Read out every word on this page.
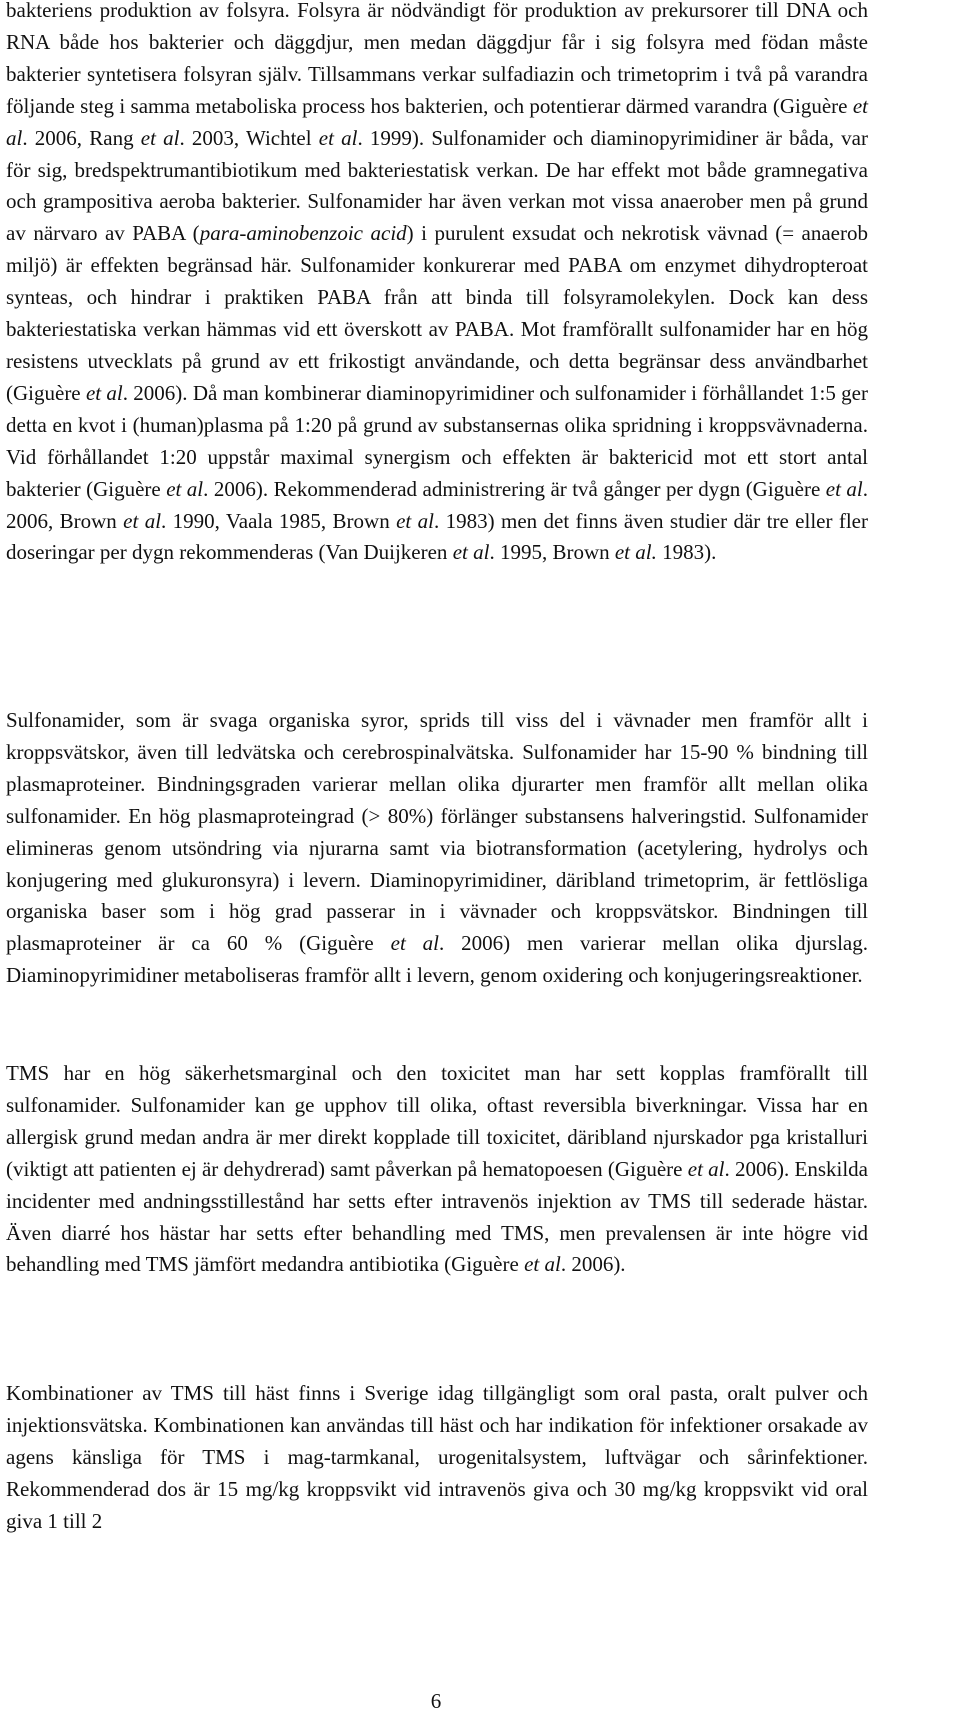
bakteriens produktion av folsyra. Folsyra är nödvändigt för produktion av prekursorer till DNA och RNA både hos bakterier och däggdjur, men medan däggdjur får i sig folsyra med födan måste bakterier syntetisera folsyran själv. Tillsammans verkar sulfadiazin och trimetoprim i två på varandra följande steg i samma metaboliska process hos bakterien, och potentierar därmed varandra (Giguère et al. 2006, Rang et al. 2003, Wichtel et al. 1999). Sulfonamider och diaminopyrimidiner är båda, var för sig, bredspektrumantibiotikum med bakteriestatisk verkan. De har effekt mot både gramnegativa och grampositiva aeroba bakterier. Sulfonamider har även verkan mot vissa anaerober men på grund av närvaro av PABA (para-aminobenzoic acid) i purulent exsudat och nekrotisk vävnad (= anaerob miljö) är effekten begränsad här. Sulfonamider konkurerar med PABA om enzymet dihydropteroat synteas, och hindrar i praktiken PABA från att binda till folsyramolekylen. Dock kan dess bakteriestatiska verkan hämmas vid ett överskott av PABA. Mot framförallt sulfonamider har en hög resistens utvecklats på grund av ett frikostigt användande, och detta begränsar dess användbarhet (Giguère et al. 2006). Då man kombinerar diaminopyrimidiner och sulfonamider i förhållandet 1:5 ger detta en kvot i (human)plasma på 1:20 på grund av substansernas olika spridning i kroppsvävnaderna. Vid förhållandet 1:20 uppstår maximal synergism och effekten är baktericid mot ett stort antal bakterier (Giguère et al. 2006). Rekommenderad administrering är två gånger per dygn (Giguère et al. 2006, Brown et al. 1990, Vaala 1985, Brown et al. 1983) men det finns även studier där tre eller fler doseringar per dygn rekommenderas (Van Duijkeren et al. 1995, Brown et al. 1983).
Sulfonamider, som är svaga organiska syror, sprids till viss del i vävnader men framför allt i kroppsvätskor, även till ledvätska och cerebrospinalvätska. Sulfonamider har 15-90 % bindning till plasmaproteiner. Bindningsgraden varierar mellan olika djurarter men framför allt mellan olika sulfonamider. En hög plasmaproteingrad (> 80%) förlänger substansens halveringstid. Sulfonamider elimineras genom utsöndring via njurarna samt via biotransformation (acetylering, hydrolys och konjugering med glukuronsyra) i levern. Diaminopyrimidiner, däribland trimetoprim, är fettlösliga organiska baser som i hög grad passerar in i vävnader och kroppsvätskor. Bindningen till plasmaproteiner är ca 60 % (Giguère et al. 2006) men varierar mellan olika djurslag. Diaminopyrimidiner metaboliseras framför allt i levern, genom oxidering och konjugeringsreaktioner.
TMS har en hög säkerhetsmarginal och den toxicitet man har sett kopplas framförallt till sulfonamider. Sulfonamider kan ge upphov till olika, oftast reversibla biverkningar. Vissa har en allergisk grund medan andra är mer direkt kopplade till toxicitet, däribland njurskador pga kristalluri (viktigt att patienten ej är dehydrerad) samt påverkan på hematopoesen (Giguère et al. 2006). Enskilda incidenter med andningsstillestånd har setts efter intravenös injektion av TMS till sederade hästar. Även diarré hos hästar har setts efter behandling med TMS, men prevalensen är inte högre vid behandling med TMS jämfört medandra antibiotika (Giguère et al. 2006).
Kombinationer av TMS till häst finns i Sverige idag tillgängligt som oral pasta, oralt pulver och injektionsvätska. Kombinationen kan användas till häst och har indikation för infektioner orsakade av agens känsliga för TMS i mag-tarmkanal, urogenitalsystem, luftvägar och sårinfektioner. Rekommenderad dos är 15 mg/kg kroppsvikt vid intravenös giva och 30 mg/kg kroppsvikt vid oral giva 1 till 2
6
